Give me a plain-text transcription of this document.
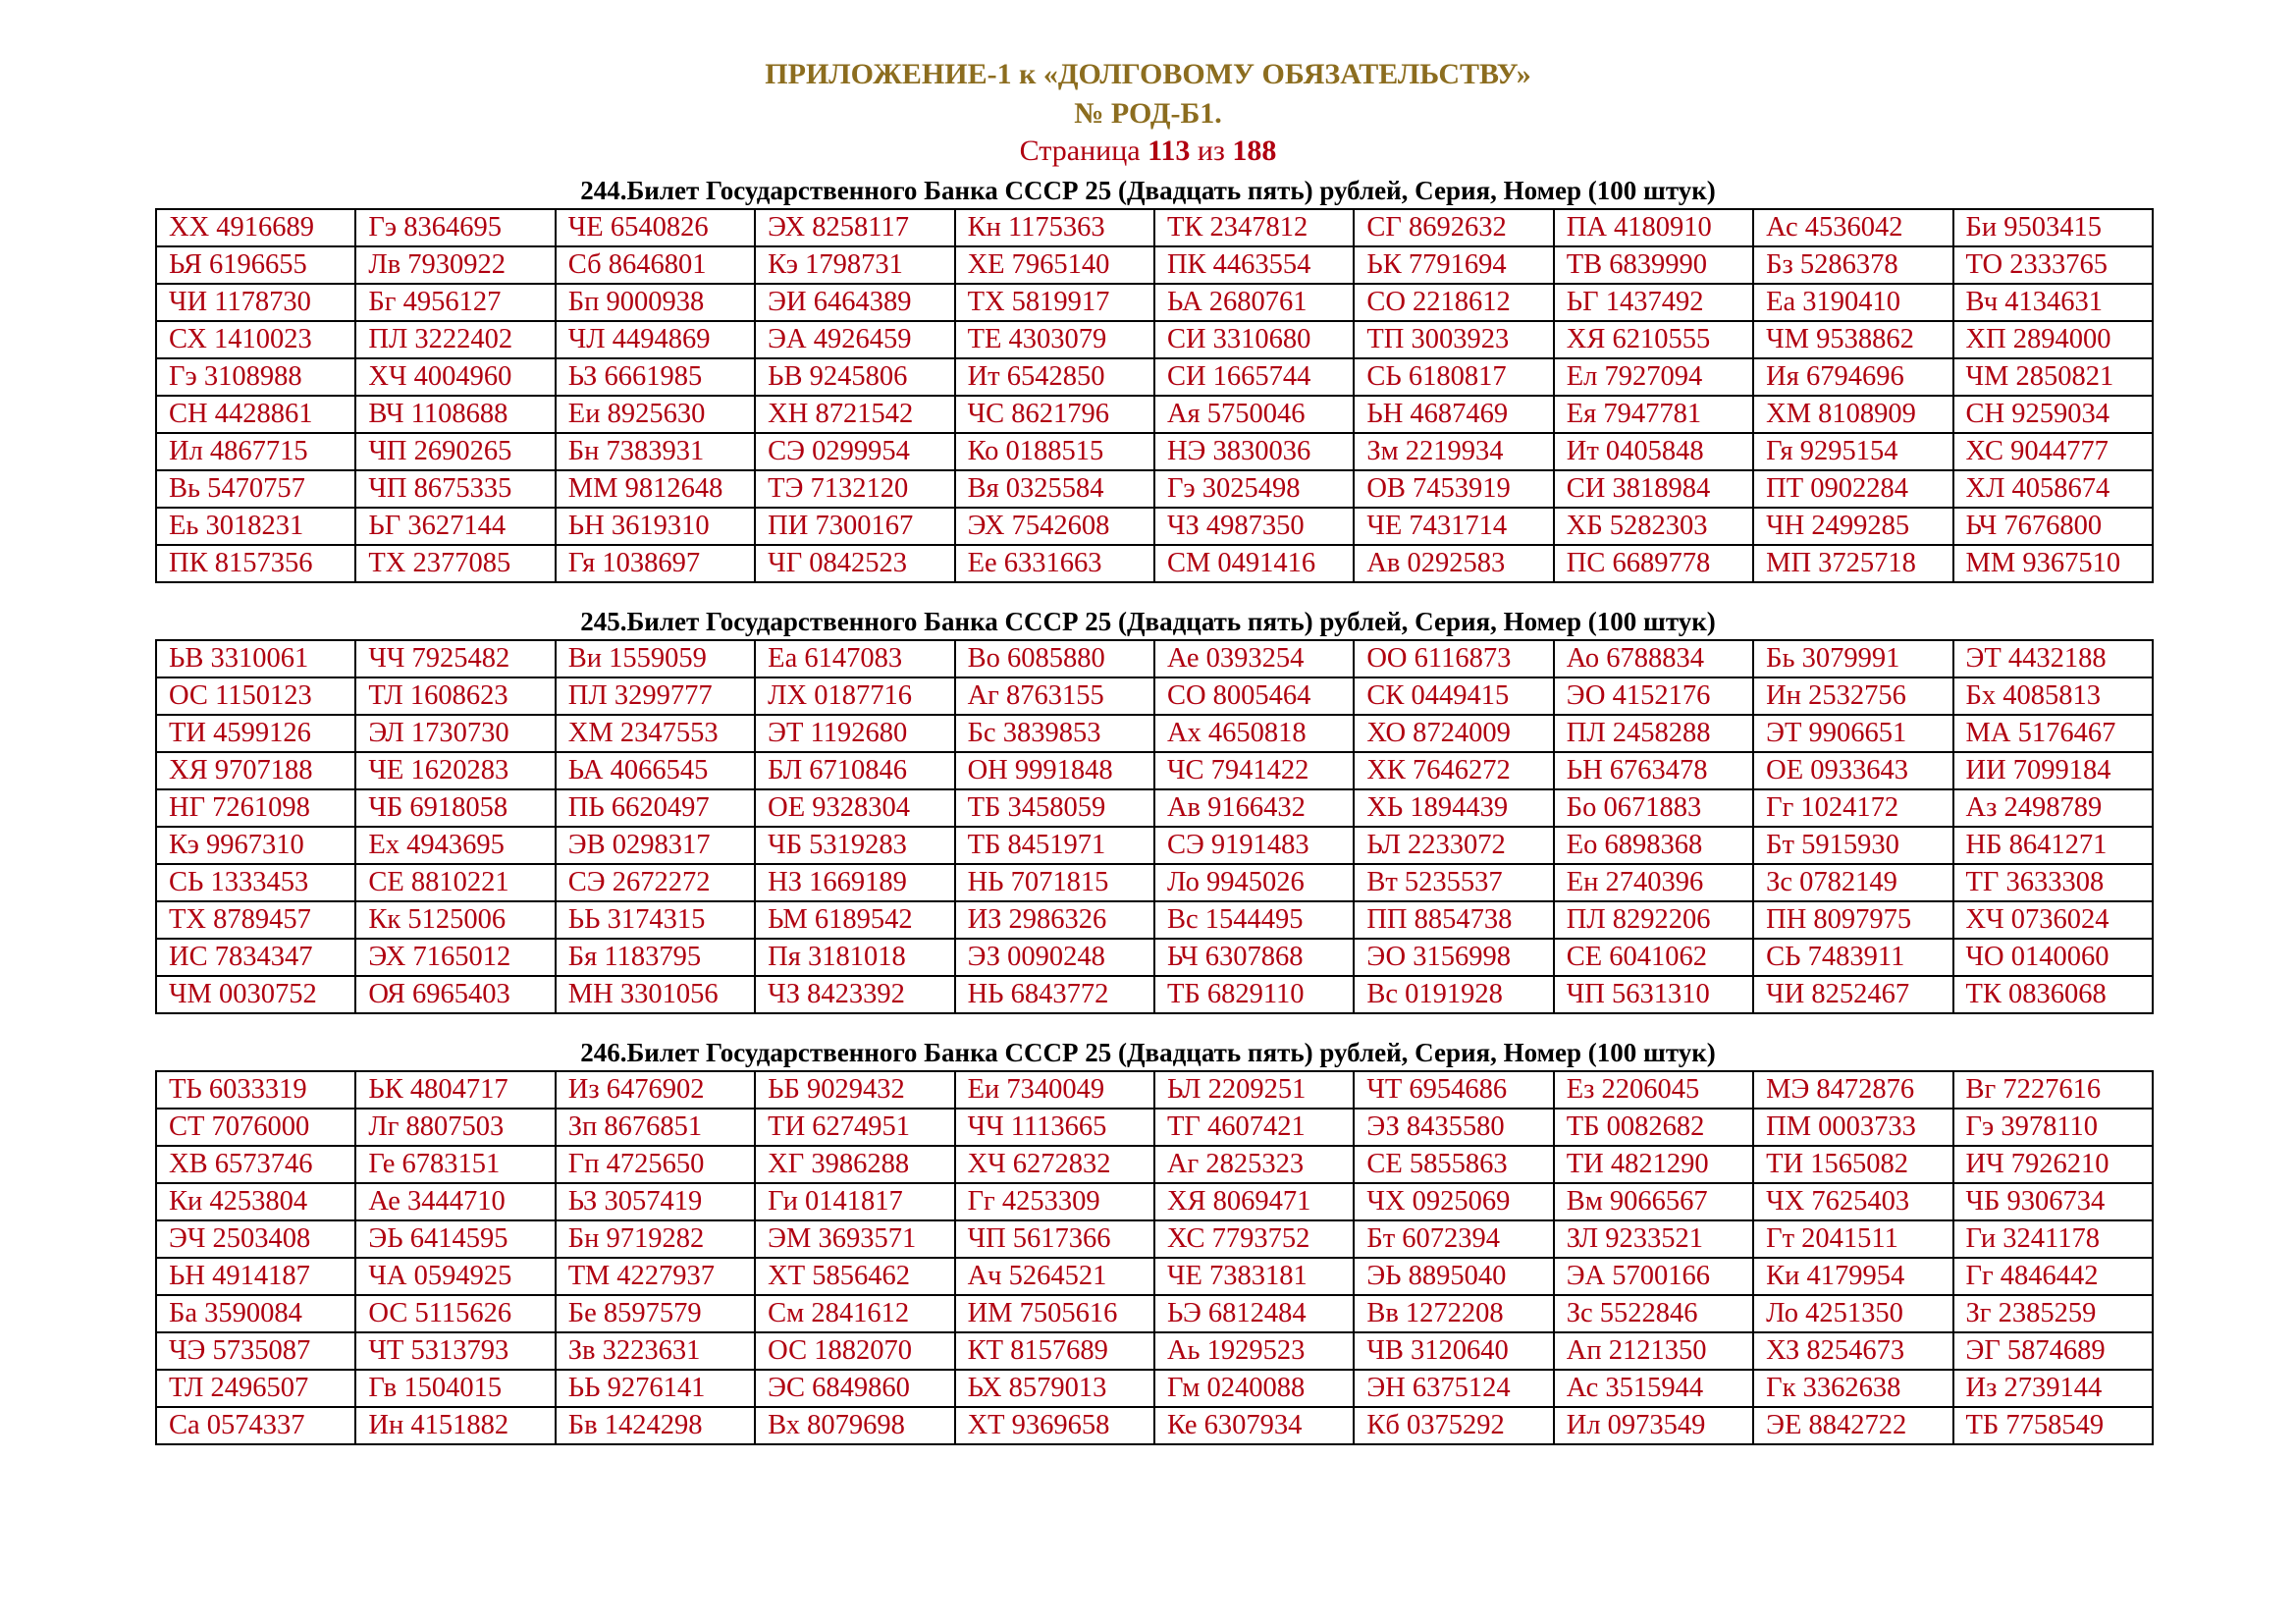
ПРИЛОЖЕНИЕ-1 к «ДОЛГОВОМУ ОБЯЗАТЕЛЬСТВУ»
№ РОД-Б1.
Страница 113 из 188
244.Билет Государственного Банка СССР 25 (Двадцать пять) рублей, Серия, Номер (100 штук)
ХХ 4916689	Гэ 8364695	ЧЕ 6540826	ЭХ 8258117	Кн 1175363	ТК 2347812	СГ 8692632	ПА 4180910	Ас 4536042	Би 9503415
ЬЯ 6196655	Лв 7930922	Сб 8646801	Кэ 1798731	ХЕ 7965140	ПК 4463554	ЬК 7791694	ТВ 6839990	Бз 5286378	ТО 2333765
ЧИ 1178730	Бг 4956127	Бп 9000938	ЭИ 6464389	ТХ 5819917	ЬА 2680761	СО 2218612	ЬГ 1437492	Еа 3190410	Вч 4134631
СХ 1410023	ПЛ 3222402	ЧЛ 4494869	ЭА 4926459	ТЕ 4303079	СИ 3310680	ТП 3003923	ХЯ 6210555	ЧМ 9538862	ХП 2894000
Гэ 3108988	ХЧ 4004960	ЬЗ 6661985	ЬВ 9245806	Ит 6542850	СИ 1665744	СЬ 6180817	Ел 7927094	Ия 6794696	ЧМ 2850821
СН 4428861	ВЧ 1108688	Еи 8925630	ХН 8721542	ЧС 8621796	Ая 5750046	ЬН 4687469	Ея 7947781	ХМ 8108909	СН 9259034
Ил 4867715	ЧП 2690265	Бн 7383931	СЭ 0299954	Ко 0188515	НЭ 3830036	Зм 2219934	Ит 0405848	Гя 9295154	ХС 9044777
Вь 5470757	ЧП 8675335	ММ 9812648	ТЭ 7132120	Вя 0325584	Гэ 3025498	ОВ 7453919	СИ 3818984	ПТ 0902284	ХЛ 4058674
Еь 3018231	ЬГ 3627144	ЬН 3619310	ПИ 7300167	ЭХ 7542608	ЧЗ 4987350	ЧЕ 7431714	ХБ 5282303	ЧН 2499285	ЬЧ 7676800
ПК 8157356	ТХ 2377085	Гя 1038697	ЧГ 0842523	Ее 6331663	СМ 0491416	Ав 0292583	ПС 6689778	МП 3725718	ММ 9367510
245.Билет Государственного Банка СССР 25 (Двадцать пять) рублей, Серия, Номер (100 штук)
ЬВ 3310061	ЧЧ 7925482	Ви 1559059	Еа 6147083	Во 6085880	Ае 0393254	ОО 6116873	Ао 6788834	Бь 3079991	ЭТ 4432188
ОС 1150123	ТЛ 1608623	ПЛ 3299777	ЛХ 0187716	Аг 8763155	СО 8005464	СК 0449415	ЭО 4152176	Ин 2532756	Бх 4085813
ТИ 4599126	ЭЛ 1730730	ХМ 2347553	ЭТ 1192680	Бс 3839853	Ах 4650818	ХО 8724009	ПЛ 2458288	ЭТ 9906651	МА 5176467
ХЯ 9707188	ЧЕ 1620283	ЬА 4066545	БЛ 6710846	ОН 9991848	ЧС 7941422	ХК 7646272	ЬН 6763478	ОЕ 0933643	ИИ 7099184
НГ 7261098	ЧБ 6918058	ПЬ 6620497	ОЕ 9328304	ТБ 3458059	Ав 9166432	ХЬ 1894439	Бо 0671883	Гг 1024172	Аз 2498789
Кэ 9967310	Ех 4943695	ЭВ 0298317	ЧБ 5319283	ТБ 8451971	СЭ 9191483	ЬЛ 2233072	Ео 6898368	Бт 5915930	НБ 8641271
СЬ 1333453	СЕ 8810221	СЭ 2672272	НЗ 1669189	НЬ 7071815	Ло 9945026	Вт 5235537	Ен 2740396	Зс 0782149	ТГ 3633308
ТХ 8789457	Кк 5125006	ЬЬ 3174315	ЬМ 6189542	ИЗ 2986326	Вс 1544495	ПП 8854738	ПЛ 8292206	ПН 8097975	ХЧ 0736024
ИС 7834347	ЭХ 7165012	Бя 1183795	Пя 3181018	ЭЗ 0090248	ЬЧ 6307868	ЭО 3156998	СЕ 6041062	СЬ 7483911	ЧО 0140060
ЧМ 0030752	ОЯ 6965403	МН 3301056	ЧЗ 8423392	НЬ 6843772	ТБ 6829110	Вс 0191928	ЧП 5631310	ЧИ 8252467	ТК 0836068
246.Билет Государственного Банка СССР 25 (Двадцать пять) рублей, Серия, Номер (100 штук)
ТЬ 6033319	ЬК 4804717	Из 6476902	ЬБ 9029432	Еи 7340049	ЬЛ 2209251	ЧТ 6954686	Ез 2206045	МЭ 8472876	Вг 7227616
СТ 7076000	Лг 8807503	Зп 8676851	ТИ 6274951	ЧЧ 1113665	ТГ 4607421	ЭЗ 8435580	ТБ 0082682	ПМ 0003733	Гэ 3978110
ХВ 6573746	Ге 6783151	Гп 4725650	ХГ 3986288	ХЧ 6272832	Аг 2825323	СЕ 5855863	ТИ 4821290	ТИ 1565082	ИЧ 7926210
Ки 4253804	Ае 3444710	ЬЗ 3057419	Ги 0141817	Гг 4253309	ХЯ 8069471	ЧХ 0925069	Вм 9066567	ЧХ 7625403	ЧБ 9306734
ЭЧ 2503408	ЭЬ 6414595	Бн 9719282	ЭМ 3693571	ЧП 5617366	ХС 7793752	Бт 6072394	ЗЛ 9233521	Гт 2041511	Ги 3241178
ЬН 4914187	ЧА 0594925	ТМ 4227937	ХТ 5856462	Ач 5264521	ЧЕ 7383181	ЭЬ 8895040	ЭА 5700166	Ки 4179954	Гг 4846442
Ба 3590084	ОС 5115626	Бе 8597579	См 2841612	ИМ 7505616	ЬЭ 6812484	Вв 1272208	Зс 5522846	Ло 4251350	Зг 2385259
ЧЭ 5735087	ЧТ 5313793	Зв 3223631	ОС 1882070	КТ 8157689	Аь 1929523	ЧВ 3120640	Ап 2121350	ХЗ 8254673	ЭГ 5874689
ТЛ 2496507	Гв 1504015	ЬЬ 9276141	ЭС 6849860	ЬХ 8579013	Гм 0240088	ЭН 6375124	Ас 3515944	Гк 3362638	Из 2739144
Са 0574337	Ин 4151882	Бв 1424298	Вх 8079698	ХТ 9369658	Ке 6307934	Кб 0375292	Ил 0973549	ЭЕ 8842722	ТБ 7758549
